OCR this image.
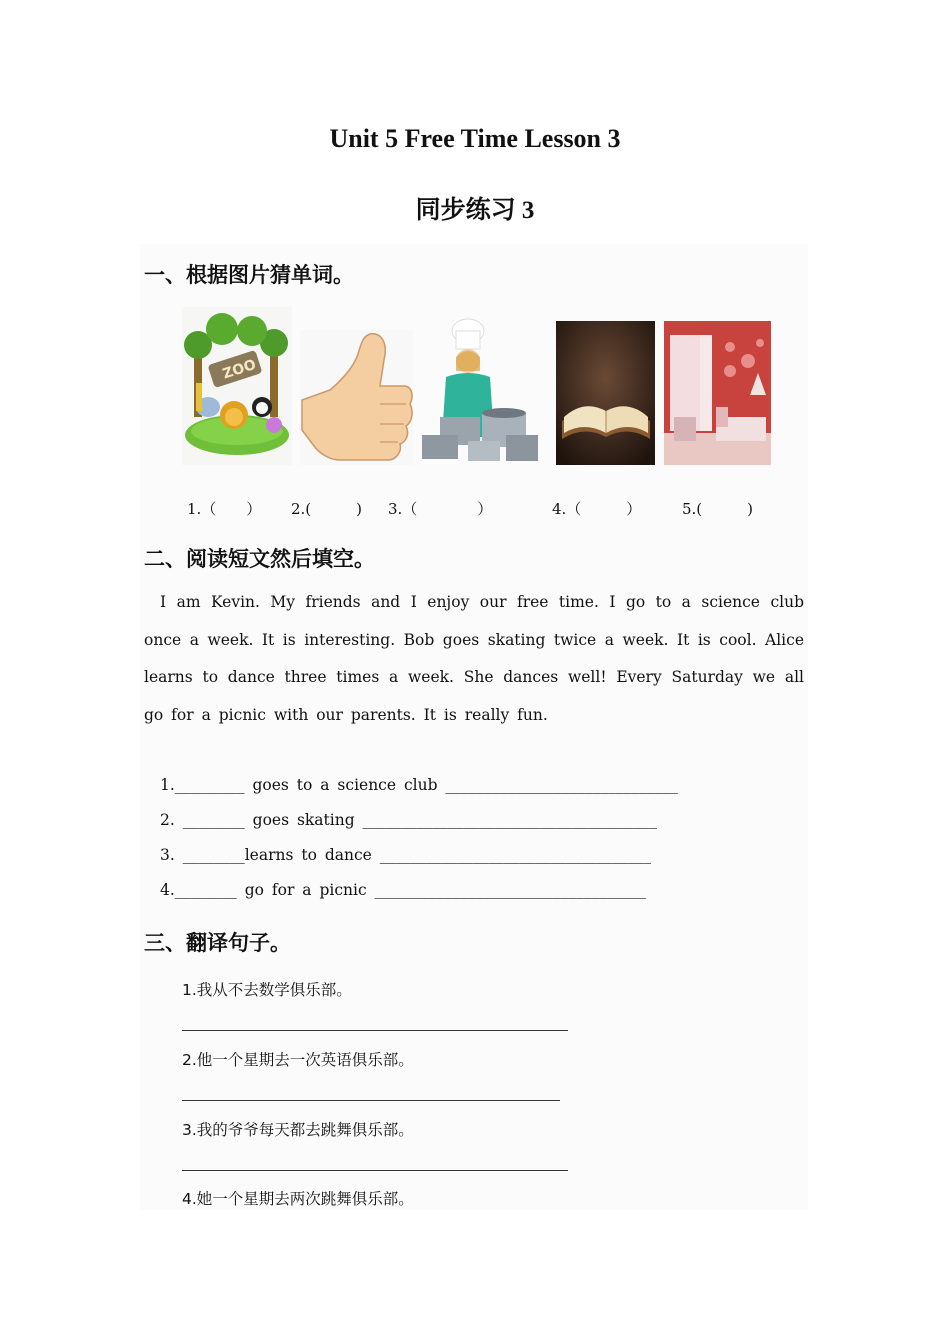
Unit 5 Free Time Lesson 3
同步练习 3
一、根据图片猜单词。
ZOO
1.（　　） 2.(　　　) 3.（　　　　）	4.（　　　）	5.(　　　)
二、阅读短文然后填空。

I am Kevin. My friends and I enjoy our free time. I go to a science club once a week. It is interesting. Bob goes skating twice a week. It is cool. Alice learns to dance three times a week. She dances well! Every Saturday we all go for a picnic with our parents. It is really fun.

1._________ goes to a science club ______________________________
2. ________ goes skating ______________________________________
3. ________learns to dance ___________________________________
4.________ go for a picnic ___________________________________
三、翻译句子。
1.我从不去数学俱乐部。
2.他一个星期去一次英语俱乐部。
3.我的爷爷每天都去跳舞俱乐部。
4.她一个星期去两次跳舞俱乐部。
